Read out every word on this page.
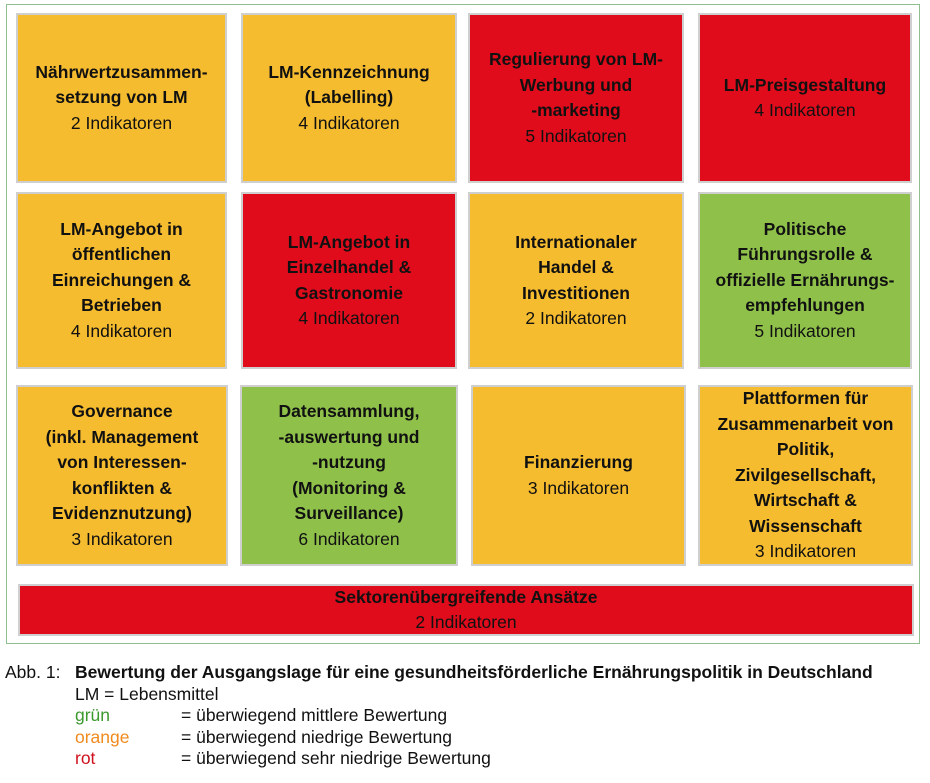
Nährwertzusammen-
setzung von LM
2 Indikatoren
LM-Kennzeichnung
(Labelling)
4 Indikatoren
Regulierung von LM-
Werbung und
-marketing
5 Indikatoren
LM-Preisgestaltung
4 Indikatoren
LM-Angebot in
öffentlichen
Einreichungen &
Betrieben
4 Indikatoren
LM-Angebot in
Einzelhandel &
Gastronomie
4 Indikatoren
Internationaler
Handel &
Investitionen
2 Indikatoren
Politische
Führungsrolle &
offizielle Ernährungs-
empfehlungen
5 Indikatoren
Governance
(inkl. Management
von Interessen-
konflikten &
Evidenznutzung)
3 Indikatoren
Datensammlung,
-auswertung und
-nutzung
(Monitoring &
Surveillance)
6 Indikatoren
Finanzierung
3 Indikatoren
Plattformen für
Zusammenarbeit von
Politik,
Zivilgesellschaft,
Wirtschaft &
Wissenschaft
3 Indikatoren
Sektorenübergreifende Ansätze
2 Indikatoren
Abb. 1: Bewertung der Ausgangslage für eine gesundheitsförderliche Ernährungspolitik in Deutschland
LM = Lebensmittel
grün	= überwiegend mittlere Bewertung
orange	= überwiegend niedrige Bewertung
rot	= überwiegend sehr niedrige Bewertung
